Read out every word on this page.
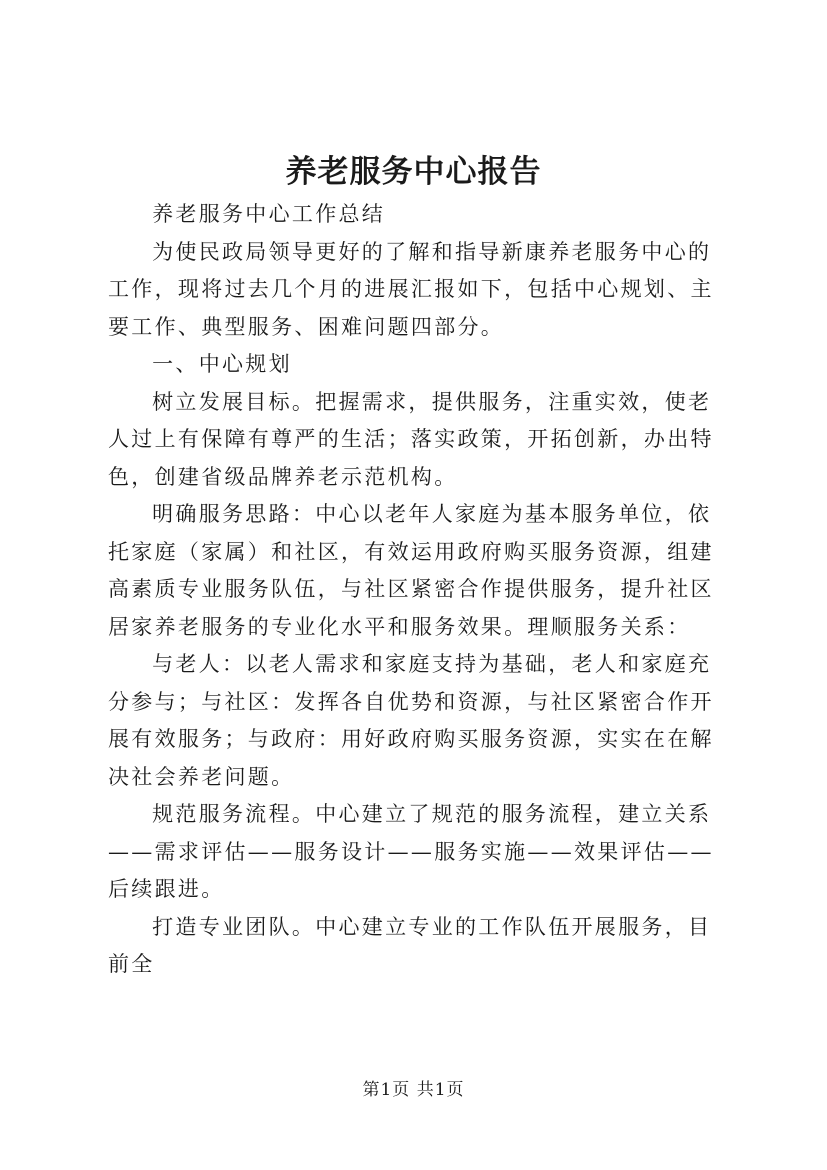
养老服务中心报告

养老服务中心工作总结

为使民政局领导更好的了解和指导新康养老服务中心的工作，现将过去几个月的进展汇报如下，包括中心规划、主要工作、典型服务、困难问题四部分。

一、中心规划

树立发展目标。把握需求，提供服务，注重实效，使老人过上有保障有尊严的生活；落实政策，开拓创新，办出特色，创建省级品牌养老示范机构。

明确服务思路：中心以老年人家庭为基本服务单位，依托家庭（家属）和社区，有效运用政府购买服务资源，组建高素质专业服务队伍，与社区紧密合作提供服务，提升社区居家养老服务的专业化水平和服务效果。理顺服务关系：

与老人：以老人需求和家庭支持为基础，老人和家庭充分参与；与社区：发挥各自优势和资源，与社区紧密合作开展有效服务；与政府：用好政府购买服务资源，实实在在解决社会养老问题。

规范服务流程。中心建立了规范的服务流程，建立关系——需求评估——服务设计——服务实施——效果评估——后续跟进。

打造专业团队。中心建立专业的工作队伍开展服务，目前全

第1页 共1页
